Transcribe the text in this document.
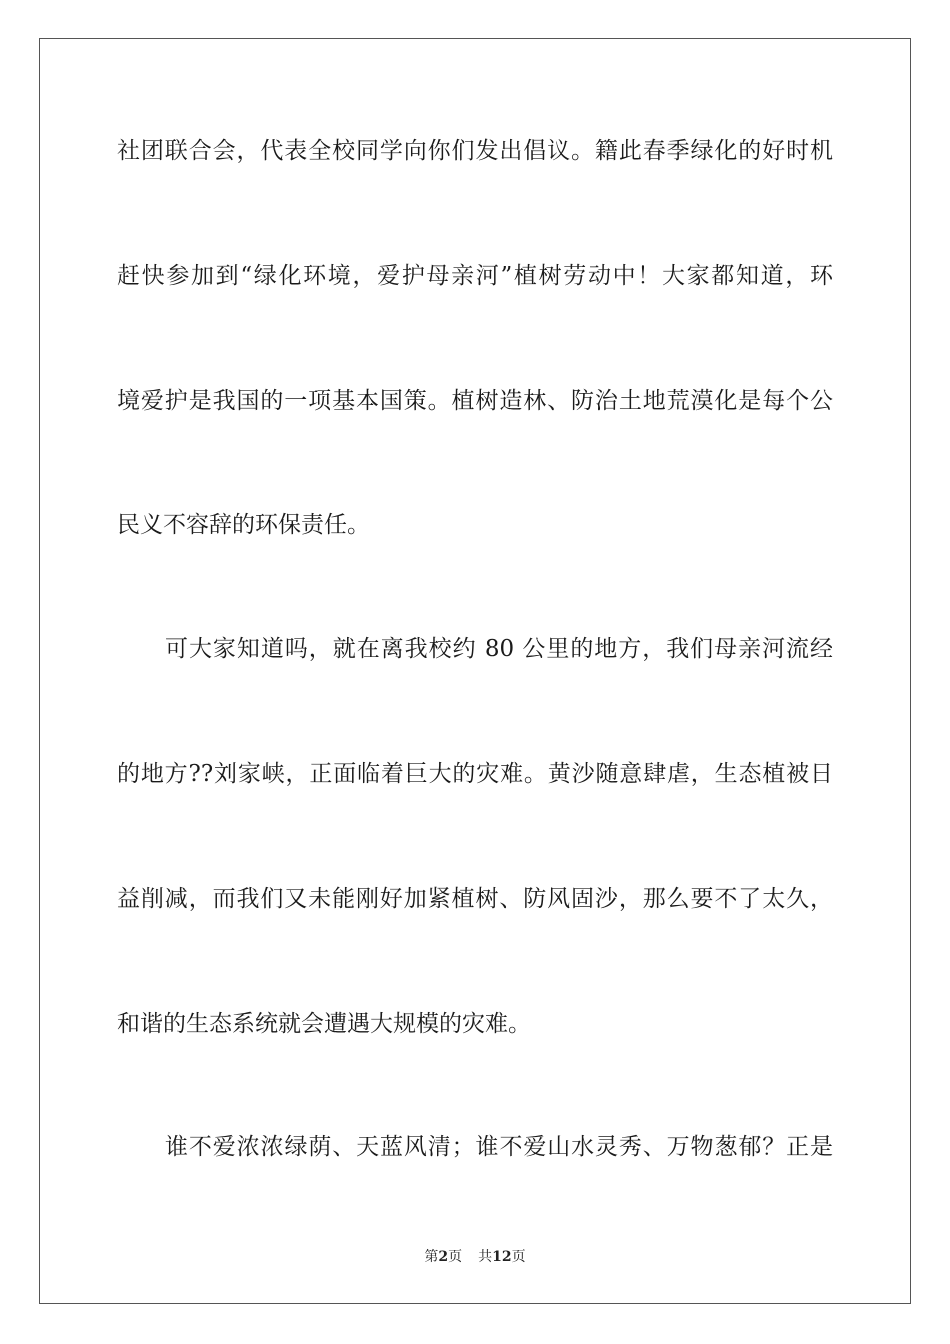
社团联合会，代表全校同学向你们发出倡议。籍此春季绿化的好时机

赶快参加到“绿化环境，爱护母亲河”植树劳动中！大家都知道，环

境爱护是我国的一项基本国策。植树造林、防治土地荒漠化是每个公

民义不容辞的环保责任。

可大家知道吗，就在离我校约 80 公里的地方，我们母亲河流经

的地方??刘家峡，正面临着巨大的灾难。黄沙随意肆虐，生态植被日

益削减，而我们又未能刚好加紧植树、防风固沙，那么要不了太久，

和谐的生态系统就会遭遇大规模的灾难。

谁不爱浓浓绿荫、天蓝风清；谁不爱山水灵秀、万物葱郁？正是

第2页 共12页
